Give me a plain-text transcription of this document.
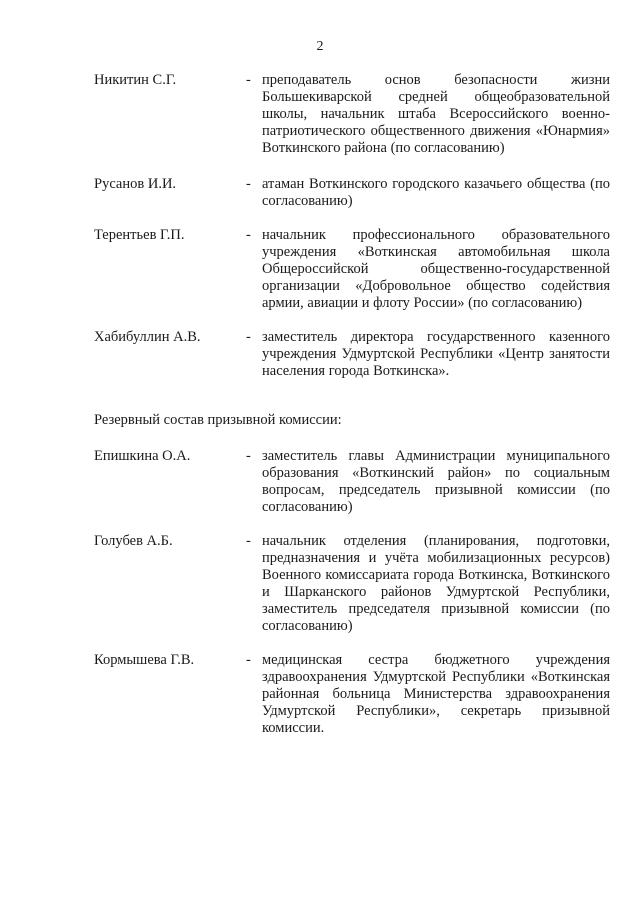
2
Никитин С.Г.	- преподаватель основ безопасности жизни Большекиварской средней общеобразовательной школы, начальник штаба Всероссийского военно-патриотического общественного движения «Юнармия» Воткинского района (по согласованию)
Русанов И.И.	- атаман Воткинского городского казачьего общества (по согласованию)
Терентьев Г.П.	- начальник профессионального образовательного учреждения «Воткинская автомобильная школа Общероссийской общественно-государственной организации «Добровольное общество содействия армии, авиации и флоту России» (по согласованию)
Хабибуллин А.В.	- заместитель директора государственного казенного учреждения Удмуртской Республики «Центр занятости населения города Воткинска».
Резервный состав призывной комиссии:
Епишкина О.А.	- заместитель главы Администрации муниципального образования «Воткинский район» по социальным вопросам, председатель призывной комиссии (по согласованию)
Голубев А.Б.	- начальник отделения (планирования, подготовки, предназначения и учёта мобилизационных ресурсов) Военного комиссариата города Воткинска, Воткинского и Шарканского районов Удмуртской Республики, заместитель председателя призывной комиссии (по согласованию)
Кормышева Г.В.	- медицинская сестра бюджетного учреждения здравоохранения Удмуртской Республики «Воткинская районная больница Министерства здравоохранения Удмуртской Республики», секретарь призывной комиссии.
